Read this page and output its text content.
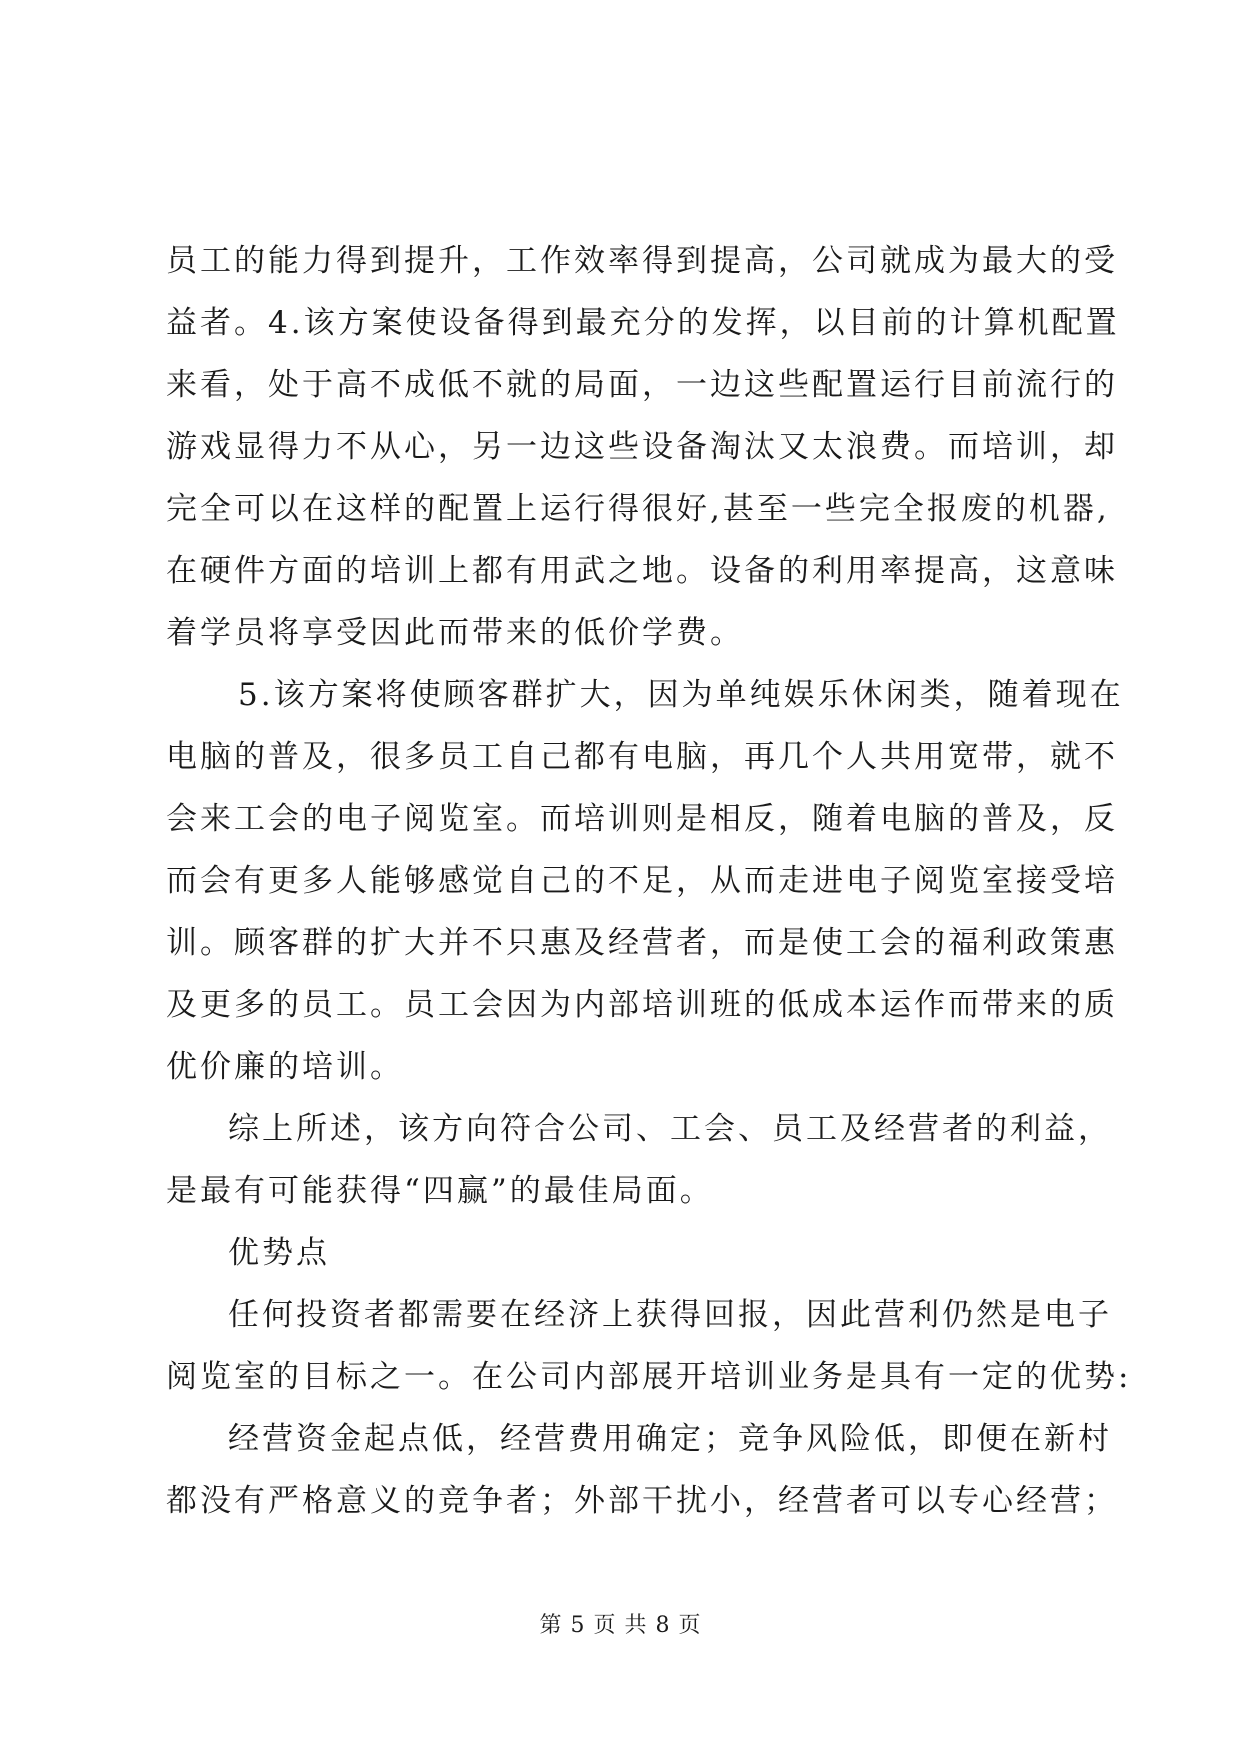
员工的能力得到提升，工作效率得到提高，公司就成为最大的受
益者。4.该方案使设备得到最充分的发挥，以目前的计算机配置
来看，处于高不成低不就的局面，一边这些配置运行目前流行的
游戏显得力不从心，另一边这些设备淘汰又太浪费。而培训，却
完全可以在这样的配置上运行得很好,甚至一些完全报废的机器,
在硬件方面的培训上都有用武之地。设备的利用率提高，这意味
着学员将享受因此而带来的低价学费。
5.该方案将使顾客群扩大，因为单纯娱乐休闲类，随着现在
电脑的普及，很多员工自己都有电脑，再几个人共用宽带，就不
会来工会的电子阅览室。而培训则是相反，随着电脑的普及，反
而会有更多人能够感觉自己的不足，从而走进电子阅览室接受培
训。顾客群的扩大并不只惠及经营者，而是使工会的福利政策惠
及更多的员工。员工会因为内部培训班的低成本运作而带来的质
优价廉的培训。
综上所述，该方向符合公司、工会、员工及经营者的利益，
是最有可能获得“四赢”的最佳局面。
优势点
任何投资者都需要在经济上获得回报，因此营利仍然是电子
阅览室的目标之一。在公司内部展开培训业务是具有一定的优势:
经营资金起点低，经营费用确定；竞争风险低，即便在新村
都没有严格意义的竞争者；外部干扰小，经营者可以专心经营；
第 5 页 共 8 页
